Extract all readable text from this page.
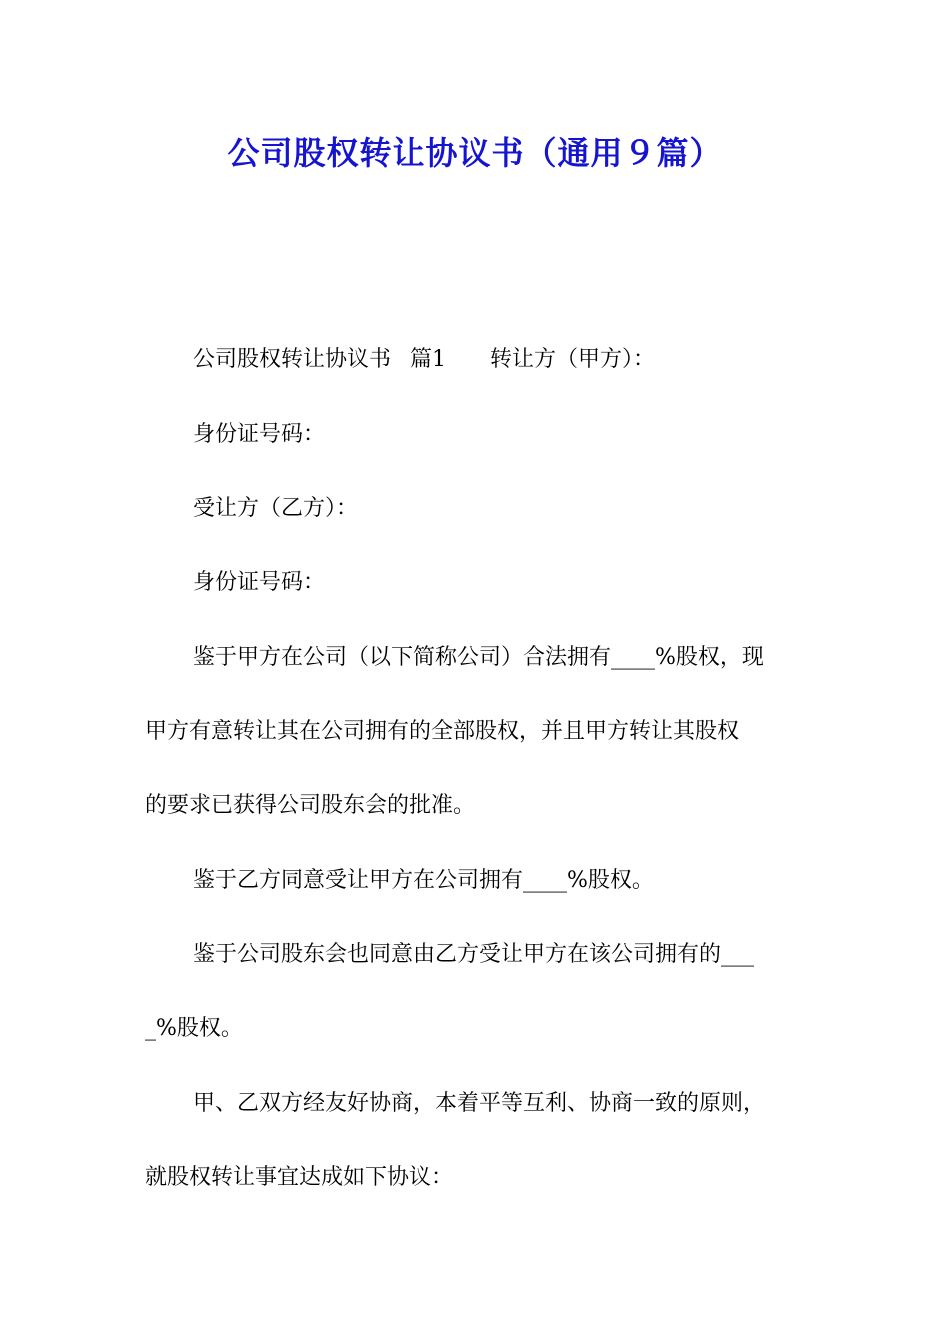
公司股权转让协议书（通用９篇）
公司股权转让协议书 篇1 转让方（甲方）：
身份证号码：
受让方（乙方）：
身份证号码：
鉴于甲方在公司（以下简称公司）合法拥有____%股权，现
甲方有意转让其在公司拥有的全部股权，并且甲方转让其股权
的要求已获得公司股东会的批准。
鉴于乙方同意受让甲方在公司拥有____%股权。
鉴于公司股东会也同意由乙方受让甲方在该公司拥有的___
_%股权。
甲、乙双方经友好协商，本着平等互利、协商一致的原则，
就股权转让事宜达成如下协议：
